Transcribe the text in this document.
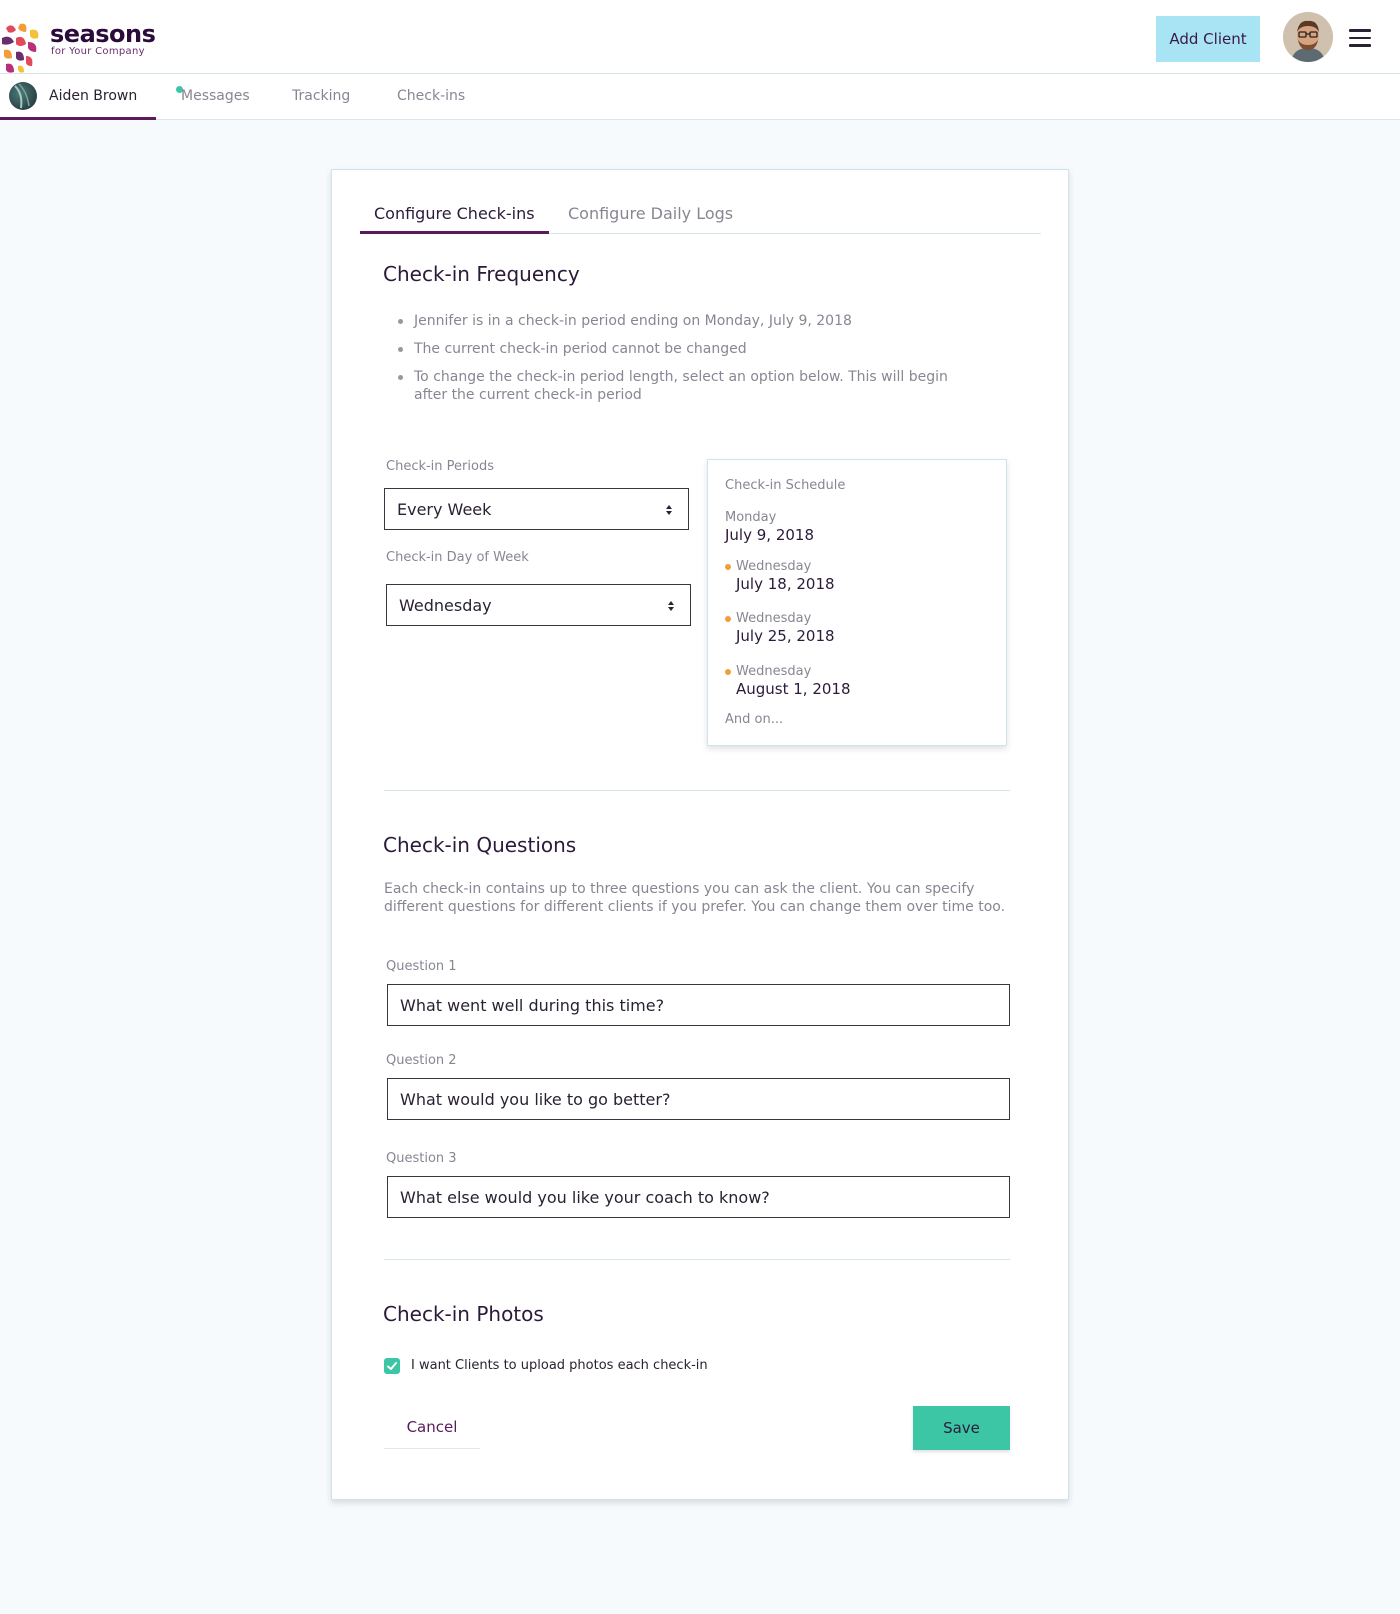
seasons
for Your Company
Add Client
Aiden Brown	Messages	Tracking	Check-ins
Configure Check-ins	Configure Daily Logs
Check-in Frequency
Jennifer is in a check-in period ending on Monday, July 9, 2018
The current check-in period cannot be changed
To change the check-in period length, select an option below. This will begin after the current check-in period
Check-in Periods
Every Week
Check-in Day of Week
Wednesday
Check-in Schedule
Monday
July 9, 2018
Wednesday
July 18, 2018
Wednesday
July 25, 2018
Wednesday
August 1, 2018
And on...
Check-in Questions
Each check-in contains up to three questions you can ask the client. You can specify different questions for different clients if you prefer. You can change them over time too.
Question 1
What went well during this time?
Question 2
What would you like to go better?
Question 3
What else would you like your coach to know?
Check-in Photos
I want Clients to upload photos each check-in
Cancel	Save
